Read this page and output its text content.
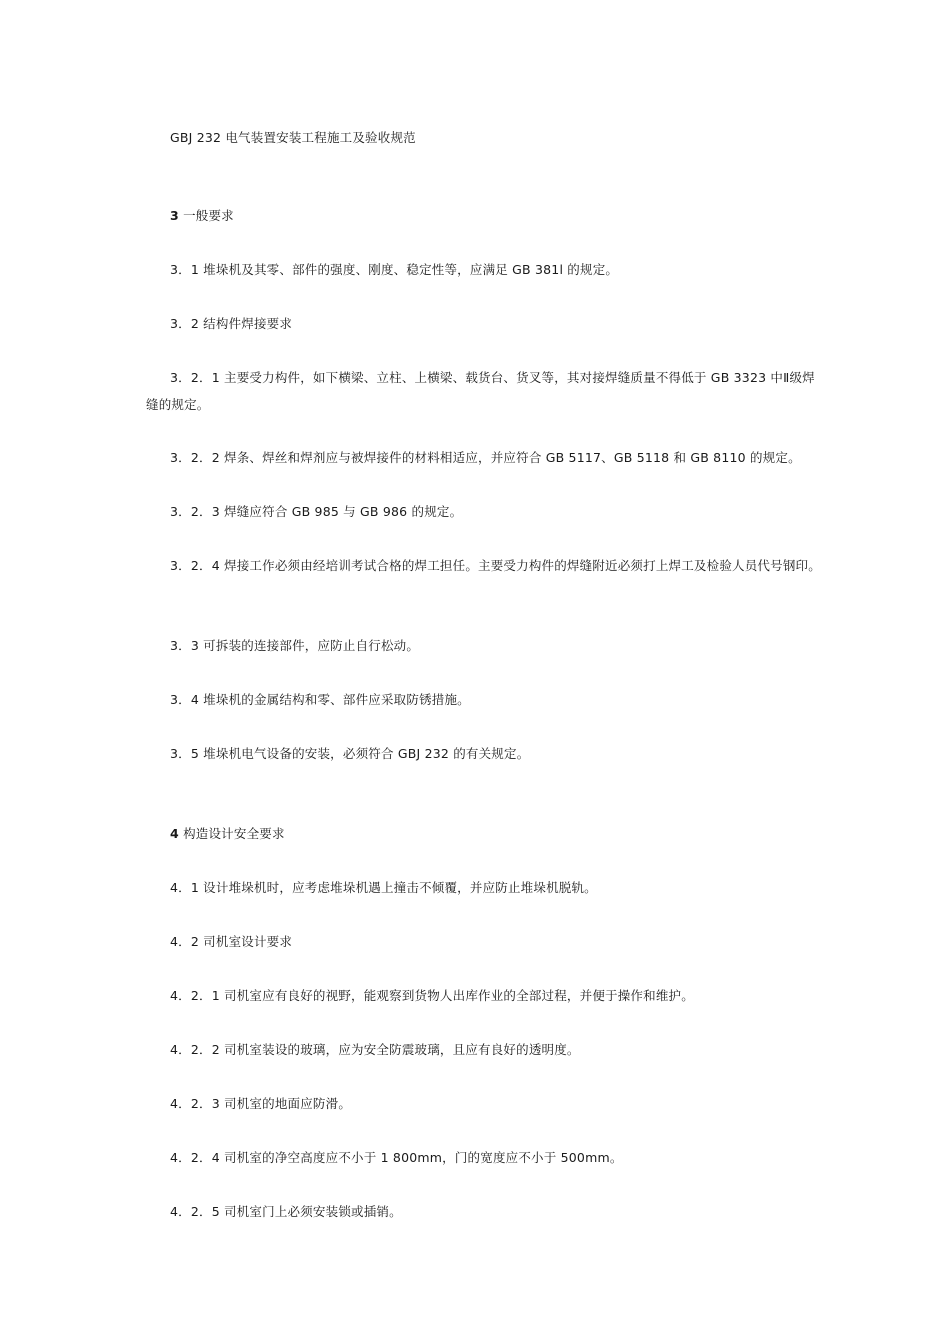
GBJ 232 电气装置安装工程施工及验收规范
3 一般要求
3．1 堆垛机及其零、部件的强度、刚度、稳定性等，应满足 GB 381l 的规定。
3．2 结构件焊接要求
3．2．1 主要受力构件，如下横梁、立柱、上横梁、载货台、货叉等，其对接焊缝质量不得低于 GB 3323 中Ⅱ级焊缝的规定。
3．2．2 焊条、焊丝和焊剂应与被焊接件的材料相适应，并应符合 GB 5117、GB 5118 和 GB 8110 的规定。
3．2．3 焊缝应符合 GB 985 与 GB 986 的规定。
3．2．4 焊接工作必须由经培训考试合格的焊工担任。主要受力构件的焊缝附近必须打上焊工及检验人员代号钢印。
3．3 可拆装的连接部件，应防止自行松动。
3．4 堆垛机的金属结构和零、部件应采取防锈措施。
3．5 堆垛机电气设备的安装，必须符合 GBJ 232 的有关规定。
4 构造设计安全要求
4．1 设计堆垛机时，应考虑堆垛机遇上撞击不倾覆，并应防止堆垛机脱轨。
4．2 司机室设计要求
4．2．1 司机室应有良好的视野，能观察到货物人出库作业的全部过程，并便于操作和维护。
4．2．2 司机室装设的玻璃，应为安全防震玻璃，且应有良好的透明度。
4．2．3 司机室的地面应防滑。
4．2．4 司机室的净空高度应不小于 1 800mm，门的宽度应不小于 500mm。
4．2．5 司机室门上必须安装锁或插销。
